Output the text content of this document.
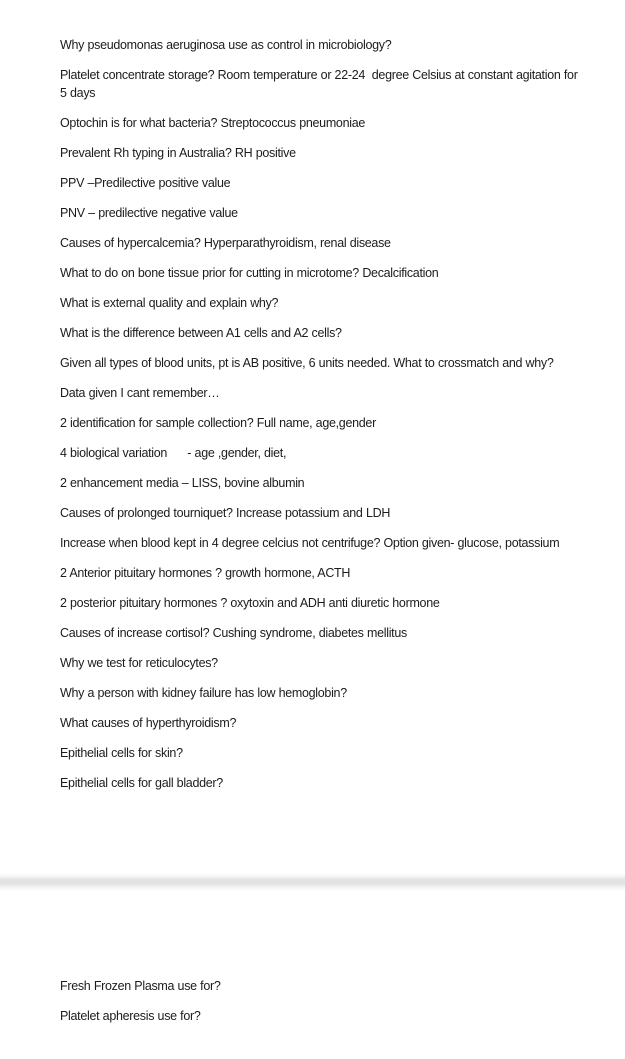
Why pseudomonas aeruginosa use as control in microbiology?

Platelet concentrate storage? Room temperature or 22-24  degree Celsius at constant agitation for 5 days

Optochin is for what bacteria? Streptococcus pneumoniae

Prevalent Rh typing in Australia? RH positive

PPV –Predilective positive value

PNV – predilective negative value

Causes of hypercalcemia? Hyperparathyroidism, renal disease

What to do on bone tissue prior for cutting in microtome? Decalcification

What is external quality and explain why?

What is the difference between A1 cells and A2 cells?

Given all types of blood units, pt is AB positive, 6 units needed. What to crossmatch and why?

Data given I cant remember…

2 identification for sample collection? Full name, age,gender

4 biological variation      - age ,gender, diet,

2 enhancement media – LISS, bovine albumin

Causes of prolonged tourniquet? Increase potassium and LDH

Increase when blood kept in 4 degree celcius not centrifuge? Option given- glucose, potassium

2 Anterior pituitary hormones ? growth hormone, ACTH

2 posterior pituitary hormones ? oxytoxin and ADH anti diuretic hormone

Causes of increase cortisol? Cushing syndrome, diabetes mellitus

Why we test for reticulocytes?

Why a person with kidney failure has low hemoglobin?

What causes of hyperthyroidism?

Epithelial cells for skin?

Epithelial cells for gall bladder?

Fresh Frozen Plasma use for?

Platelet apheresis use for?
